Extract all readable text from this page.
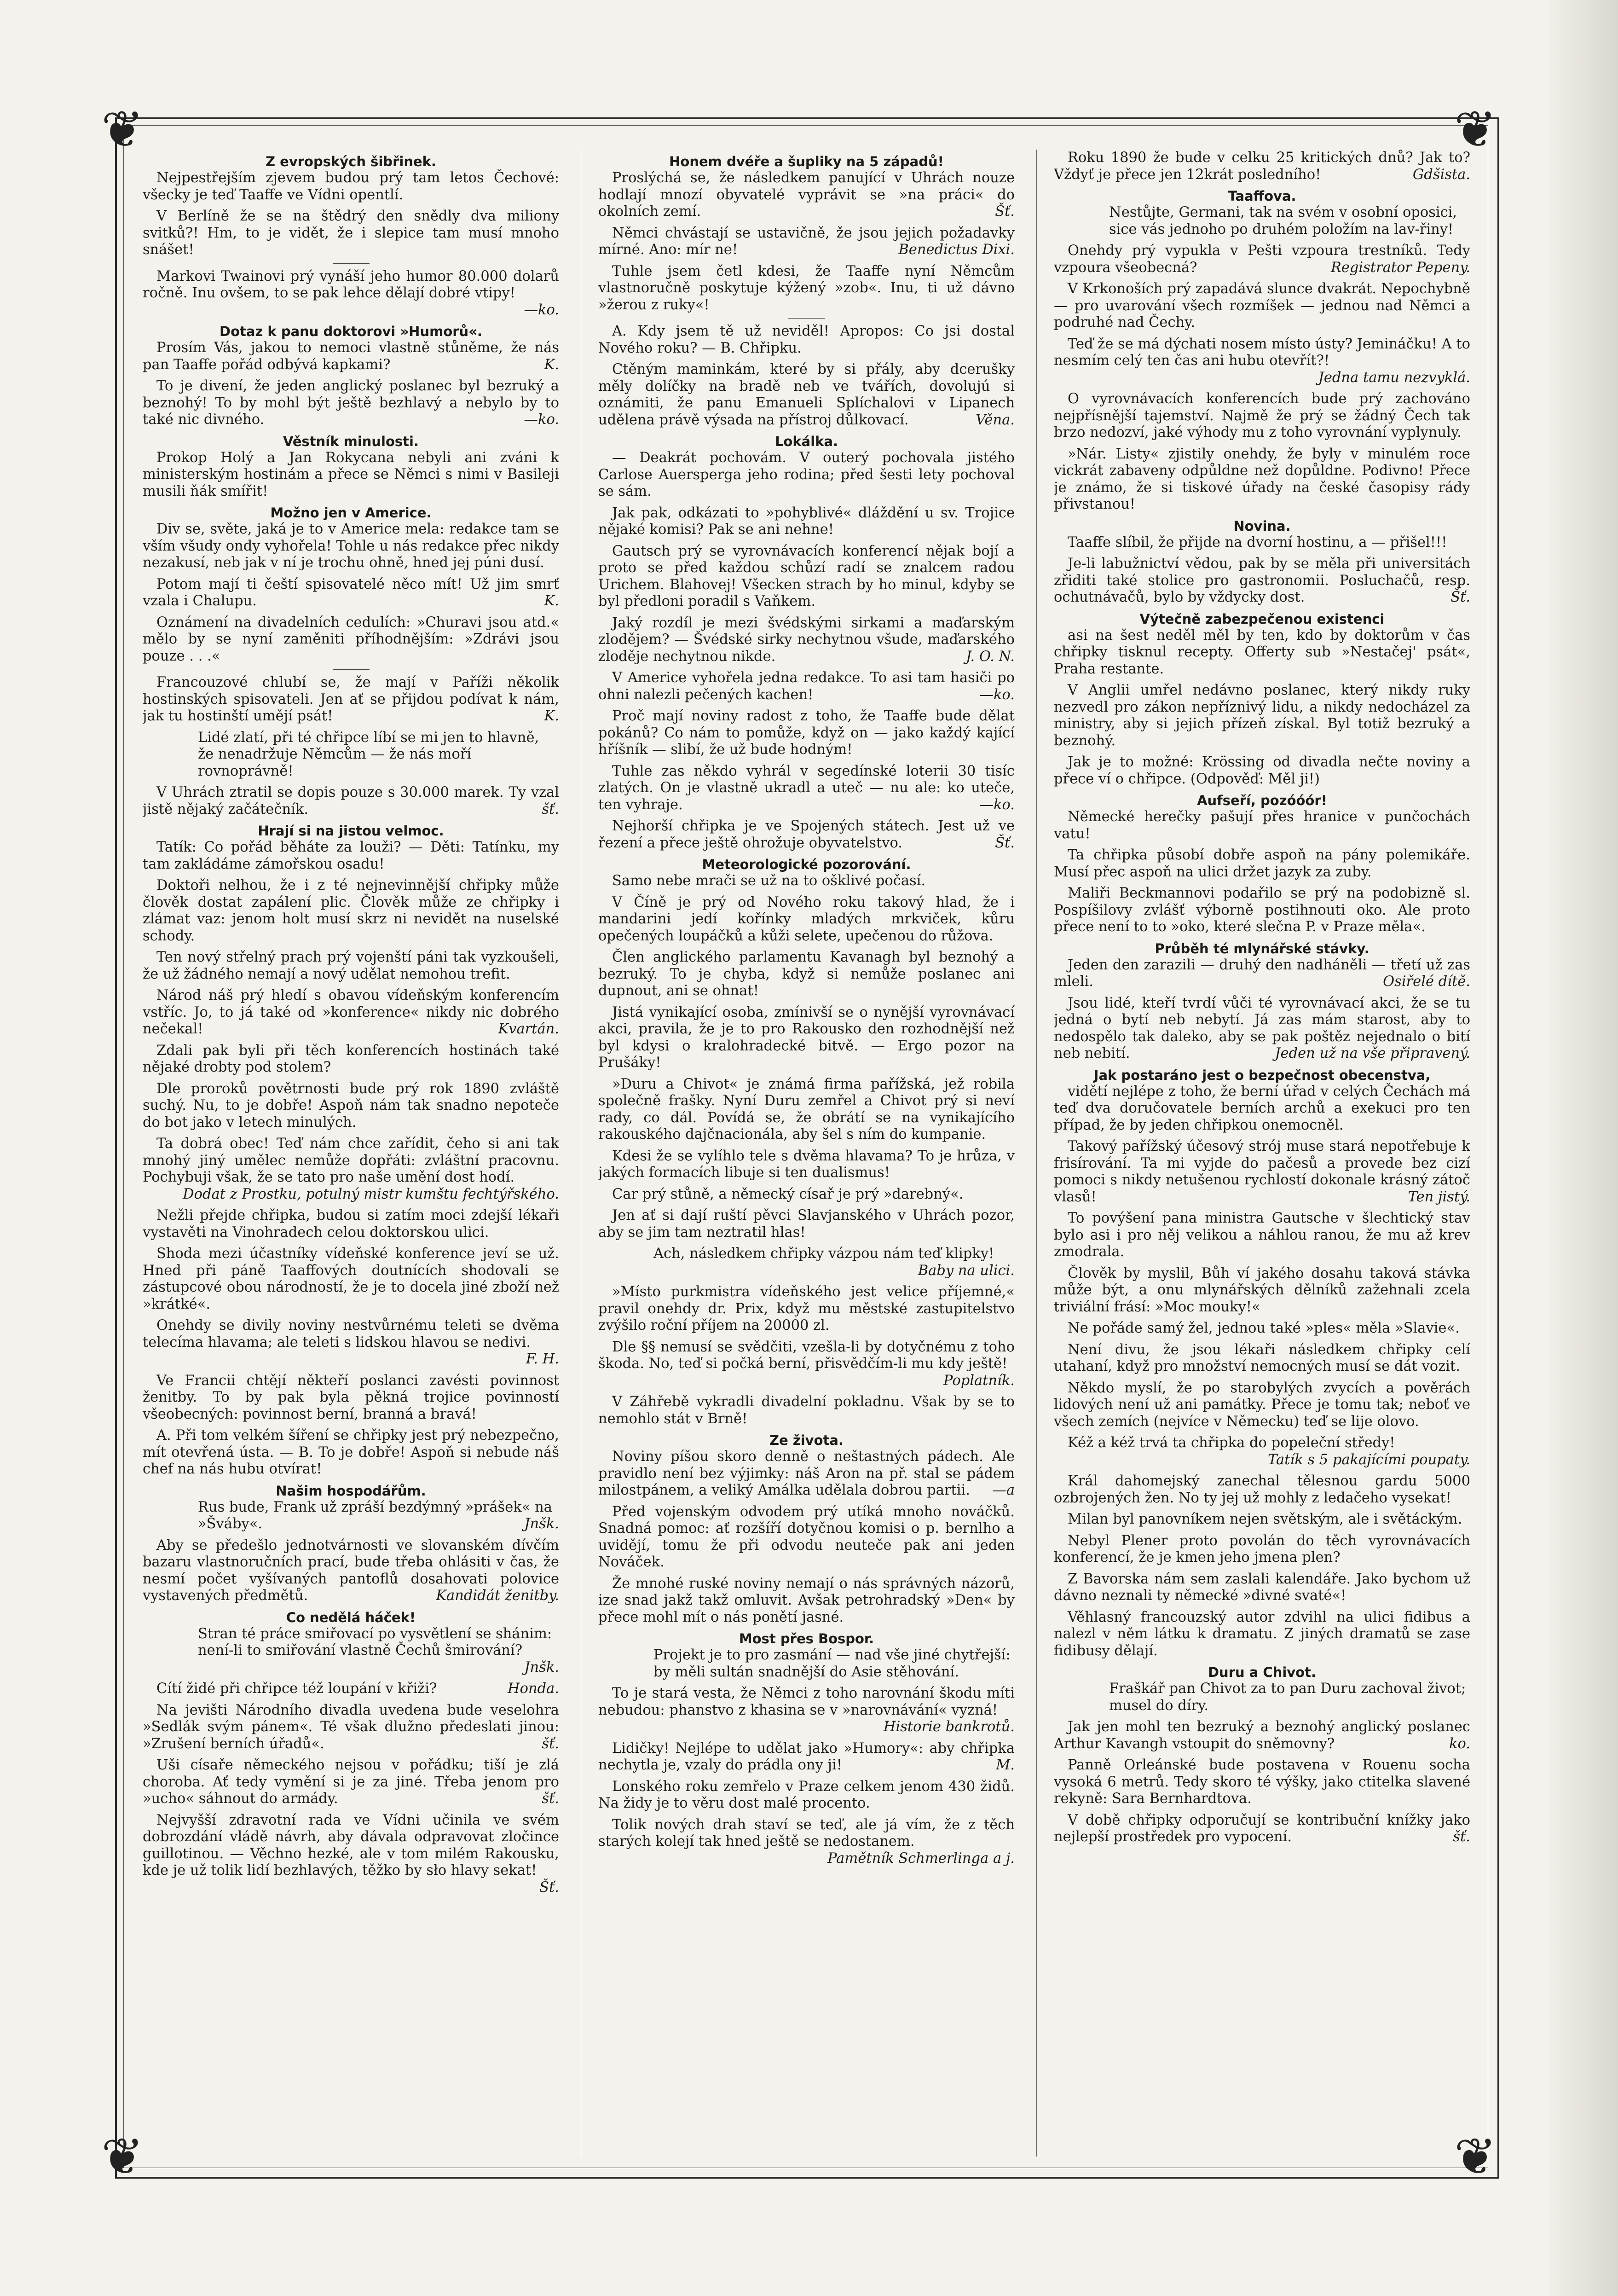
❦	❦
❦	❦
Z evropských šibřinek.

Nejpestřejším zjevem budou prý tam letos Čechové: všecky je teď Taaffe ve Vídni opentlí.

V Berlíně že se na štědrý den snědly dva miliony svitků?! Hm, to je vidět, že i slepice tam musí mnoho snášet!

Markovi Twainovi prý vynáší jeho humor 80.000 dolarů ročně. Inu ovšem, to se pak lehce dělají dobré vtipy!
—ko.

Dotaz k panu doktorovi »Humorů«.

Prosím Vás, jakou to nemoci vlastně stůněme, že nás pan Taaffe pořád odbývá kapkami?	K.

To je divení, že jeden anglický poslanec byl bezruký a beznohý! To by mohl být ještě bezhlavý a nebylo by to také nic divného.	—ko.

Věstník minulosti.

Prokop Holý a Jan Rokycana nebyli ani zváni k ministerským hostinám a přece se Němci s nimi v Basileji musili ňák smířit!

Možno jen v Americe.

Div se, světe, jaká je to v Americe mela: redakce tam se vším všudy ondy vyhořela! Tohle u nás redakce přec nikdy nezakusí, neb jak v ní je trochu ohně, hned jej púni dusí.

Potom mají ti čeští spisovatelé něco mít! Už jim smrť vzala i Chalupu.	K.

Oznámení na divadelních cedulích: »Churavi jsou atd.« mělo by se nyní zaměniti příhodnějším: »Zdrávi jsou pouze . . .«

Francouzové chlubí se, že mají v Paříži několik hostinských spisovateli. Jen ať se přijdou podívat k nám, jak tu hostinští umějí psát!	K.

Lidé zlatí, při té chřipce líbí se mi jen to hlavně, že nenadržuje Němcům — že nás moří rovnoprávně!

V Uhrách ztratil se dopis pouze s 30.000 marek. Ty vzal jistě nějaký začátečník.	šť.

Hrají si na jistou velmoc.

Tatík: Co pořád běháte za louži? — Děti: Tatínku, my tam zakládáme zámořskou osadu!

Doktoři nelhou, že i z té nejnevinnější chřipky může člověk dostat zapálení plic. Člověk může ze chřipky i zlámat vaz: jenom holt musí skrz ni nevidět na nuselské schody.

Ten nový střelný prach prý vojenští páni tak vyzkoušeli, že už žádného nemají a nový udělat nemohou trefit.

Národ náš prý hledí s obavou vídeňským konferencím vstříc. Jo, to já také od »konference« nikdy nic dobrého nečekal!	Kvartán.

Zdali pak byli při těch konferencích hostinách také nějaké drobty pod stolem?

Dle proroků povětrnosti bude prý rok 1890 zvláště suchý. Nu, to je dobře! Aspoň nám tak snadno nepoteče do bot jako v letech minulých.

Ta dobrá obec! Teď nám chce zařídit, čeho si ani tak mnohý jiný umělec nemůže dopřáti: zvláštní pracovnu. Pochybuji však, že se tato pro naše umění dost hodí.
Dodat z Prostku, potulný mistr kumštu fechtýřského.

Nežli přejde chřipka, budou si zatím moci zdejší lékaři vystavěti na Vinohradech celou doktorskou ulici.

Shoda mezi účastníky vídeňské konference jeví se už. Hned při páně Taaffových doutnících shodovali se zástupcové obou národností, že je to docela jiné zboží než »krátké«.

Onehdy se divily noviny nestvůrnému teleti se dvěma telecíma hlavama; ale teleti s lidskou hlavou se nedivi.
F. H.

Ve Francii chtějí někteří poslanci zavésti povinnost ženitby. To by pak byla pěkná trojice povinností všeobecných: povinnost berní, branná a bravá!

A. Při tom velkém šíření se chřipky jest prý nebezpečno, mít otevřená ústa. — B. To je dobře! Aspoň si nebude náš chef na nás hubu otvírat!

Našim hospodářům.

Rus bude, Frank už zpráší bezdýmný »prášek« na »Šváby«.	Jnšk.

Aby se předešlo jednotvárnosti ve slovanském dívčím bazaru vlastnoručních prací, bude třeba ohlásiti v čas, že nesmí počet vyšívaných pantoflů dosahovati polovice vystavených předmětů.	Kandidát ženitby.

Co nedělá háček!

Stran té práce smiřovací po vysvětlení se shánim: není-li to smiřování vlastně Čechů šmirování?
Jnšk.

Cítí židé při chřipce též loupání v křiži?	Honda.

Na jevišti Národního divadla uvedena bude veselohra »Sedlák svým pánem«. Té však dlužno předeslati jinou: »Zrušení berních úřadů«.	šť.

Uši císaře německého nejsou v pořádku; tiší je zlá choroba. Ať tedy vymění si je za jiné. Třeba jenom pro »ucho« sáhnout do armády.	šť.

Nejvyšší zdravotní rada ve Vídni učinila ve svém dobrozdání vládě návrh, aby dávala odpravovat zločince guillotinou. — Věchno hezké, ale v tom milém Rakousku, kde je už tolik lidí bezhlavých, těžko by sło hlavy sekat!
Šť.

Honem dvéře a šupliky na 5 západů!

Proslýchá se, že následkem panující v Uhrách nouze hodlají mnozí obyvatelé vyprávit se »na práci« do okolních zemí.	Šť.

Němci chvástají se ustavičně, že jsou jejich požadavky mírné. Ano: mír ne!	Benedictus Dixi.

Tuhle jsem četl kdesi, že Taaffe nyní Němcům vlastnoručně poskytuje kýžený »zob«. Inu, ti už dávno »žerou z ruky«!

A. Kdy jsem tě už neviděl! Apropos: Co jsi dostal Nového roku? — B. Chřipku.

Ctěným maminkám, které by si přály, aby dcerušky měly dolíčky na bradě neb ve tvářích, dovolujú si oznámiti, že panu Emanueli Splíchalovi v Lipanech udělena právě výsada na přístroj důlkovací.	Věna.

Lokálka.

— Deakrát pochovám. V outerý pochovala jistého Carlose Auersperga jeho rodina; před šesti lety pochoval se sám.

Jak pak, odkázati to »pohyblivé« dláždění u sv. Trojice nějaké komisi? Pak se ani nehne!

Gautsch prý se vyrovnávacích konferencí nějak bojí a proto se před každou schůzí radí se znalcem radou Urichem. Blahovej! Všecken strach by ho minul, kdyby se byl předloni poradil s Vaňkem.

Jaký rozdíl je mezi švédskými sirkami a maďarským zlodějem? — Švédské sirky nechytnou všude, maďarského zloděje nechytnou nikde.	J. O. N.

V Americe vyhořela jedna redakce. To asi tam hasiči po ohni nalezli pečených kachen!	—ko.

Proč mají noviny radost z toho, že Taaffe bude dělat pokánů? Co nám to pomůže, když on — jako každý kající hříšník — slibí, že už bude hodným!

Tuhle zas někdo vyhrál v segedínské loterii 30 tisíc zlatých. On je vlastně ukradl a uteč — nu ale: ko uteče, ten vyhraje.	—ko.

Nejhorší chřipka je ve Spojených státech. Jest už ve řezení a přece ještě ohrožuje obyvatelstvo.	Šť.

Meteorologické pozorování.

Samo nebe mrači se už na to ošklivé počasí.

V Číně je prý od Nového roku takový hlad, že i mandarini jedí kořínky mladých mrkviček, kůru opečených loupáčků a kůži selete, upečenou do růžova.

Člen anglického parlamentu Kavanagh byl beznohý a bezruký. To je chyba, když si nemůže poslanec ani dupnout, ani se ohnat!

Jistá vynikající osoba, zmínivší se o nynější vyrovnávací akci, pravila, že je to pro Rakousko den rozhodnější než byl kdysi o kralohradecké bitvě. — Ergo pozor na Prušáky!

»Duru a Chivot« je známá firma pařížská, jež robila společně frašky. Nyní Duru zemřel a Chivot prý si neví rady, co dál. Povídá se, že obrátí se na vynikajícího rakouského dajčnacionála, aby šel s ním do kumpanie.

Kdesi že se vylíhlo tele s dvěma hlavama? To je hrůza, v jakých formacích libuje si ten dualismus!

Car prý stůně, a německý císař je prý »darebný«.

Jen ať si dají ruští pěvci Slavjanského v Uhrách pozor, aby se jim tam neztratil hlas!

Ach, následkem chřipky vázpou nám teď klipky!
Baby na ulici.

»Místo purkmistra vídeňského jest velice příjemné,« pravil onehdy dr. Prix, když mu městské zastupitelstvo zvýšilo roční příjem na 20000 zl.

Dle §§ nemusí se svědčiti, vzešla-li by dotyčnému z toho škoda. No, teď si počká berní, přisvědčím-li mu kdy ještě!
Poplatník.

V Záhřebě vykradli divadelní pokladnu. Však by se to nemohlo stát v Brně!

Ze života.

Noviny píšou skoro denně o neštastných pádech. Ale pravidlo není bez výjimky: náš Aron na př. stal se pádem milostpánem, a veliký Amálka udělala dobrou partii.	—a

Před vojenským odvodem prý utíká mnoho nováčků. Snadná pomoc: ať rozšíří dotyčnou komisi o p. bernlho a uvidějí, tomu že při odvodu neuteče pak ani jeden Nováček.

Že mnohé ruské noviny nemají o nás správných názorů, ize snad jakž takž omluvit. Avšak petrohradský »Den« by přece mohl mít o nás ponětí jasné.

Most přes Bospor.

Projekt je to pro zasmání — nad vše jiné chytřejší: by měli sultán snadnější do Asie stěhování.

To je stará vesta, že Němci z toho narovnání škodu míti nebudou: phanstvo z khasina se v »narovnávání« vyzná!
Historie bankrotů.

Lidičky! Nejlépe to udělat jako »Humory«: aby chřipka nechytla je, vzaly do prádla ony ji!	M.

Lonského roku zemřelo v Praze celkem jenom 430 židů. Na židy je to věru dost malé procento.

Tolik nových drah staví se teď, ale já vím, že z těch starých kolejí tak hned ještě se nedostanem.
Pamětník Schmerlinga a j.

Roku 1890 že bude v celku 25 kritických dnů? Jak to? Vždyť je přece jen 12krát posledního!	Gdšista.

Taaffova.

Nestůjte, Germani, tak na svém v osobní oposici, sice vás jednoho po druhém položím na lav-řiny!

Onehdy prý vypukla v Pešti vzpoura trestníků. Tedy vzpoura všeobecná?	Registrator Pepeny.

V Krkonoších prý zapadává slunce dvakrát. Nepochybně — pro uvarování všech rozmíšek — jednou nad Němci a podruhé nad Čechy.

Teď že se má dýchati nosem místo ústy? Jemináčku! A to nesmím celý ten čas ani hubu otevřít?!
Jedna tamu nezvyklá.

O vyrovnávacích konferencích bude prý zachováno nejpřísnější tajemství. Najmě že prý se žádný Čech tak brzo nedozví, jaké výhody mu z toho vyrovnání vyplynuly.

»Nár. Listy« zjistily onehdy, že byly v minulém roce vickrát zabaveny odpůldne než dopůldne. Podivno! Přece je známo, že si tiskové úřady na české časopisy rády přivstanou!

Novina.

Taaffe slíbil, že přijde na dvorní hostinu, a — přišel!!!

Je-li labužnictví vědou, pak by se měla při universitách zřiditi také stolice pro gastronomii. Posluchačů, resp. ochutnávačů, bylo by vždycky dost.	Šť.

Výtečně zabezpečenou existenci

asi na šest neděl měl by ten, kdo by doktorům v čas chřipky tisknul recepty. Offerty sub »Nestačej' psát«, Praha restante.

V Anglii umřel nedávno poslanec, který nikdy ruky nezvedl pro zákon nepříznivý lidu, a nikdy nedocházel za ministry, aby si jejich přízeň získal. Byl totiž bezruký a beznohý.

Jak je to možné: Krössing od divadla nečte noviny a přece ví o chřipce. (Odpověď: Měl ji!)

Aufseří, pozóóór!

Německé herečky pašují přes hranice v punčochách vatu!

Ta chřipka působí dobře aspoň na pány polemikáře. Musí přec aspoň na ulici držet jazyk za zuby.

Maliři Beckmannovi podařilo se prý na podobizně sl. Pospíšilovy zvlášť výborně postihnouti oko. Ale proto přece není to to »oko, které slečna P. v Praze měla«.

Průběh té mlynářské stávky.

Jeden den zarazili — druhý den nadháněli — třetí už zas mleli.	Osiřelé dítě.

Jsou lidé, kteří tvrdí vůči té vyrovnávací akci, že se tu jedná o bytí neb nebytí. Já zas mám starost, aby to nedospělo tak daleko, aby se pak poštěz nejednalo o bití neb nebití.	Jeden už na vše připravený.

Jak postaráno jest o bezpečnost obecenstva,

vidětí nejlépe z toho, že berní úřad v celých Čechách má teď dva doručovatele berních archů a exekuci pro ten případ, že by jeden chřipkou onemocněl.

Takový pařížský účesový strój muse stará nepotřebuje k frisírování. Ta mi vyjde do pačesů a provede bez cizí pomoci s nikdy netušenou rychlostí dokonale krásný zátoč vlasů!	Ten jistý.

To povýšení pana ministra Gautsche v šlechtický stav bylo asi i pro něj velikou a náhlou ranou, že mu až krev zmodrala.

Člověk by myslil, Bůh ví jakého dosahu taková stávka může být, a onu mlynářských dělníků zažehnali zcela triviální frásí: »Moc mouky!«

Ne pořáde samý žel, jednou také »ples« měla »Slavie«.

Není divu, že jsou lékaři následkem chřipky celí utahaní, když pro množství nemocných musí se dát vozit.

Někdo myslí, že po starobylých zvycích a pověrách lidových není už ani památky. Přece je tomu tak; neboť ve všech zemích (nejvíce v Německu) teď se lije olovo.

Kéž a kéž trvá ta chřipka do popeleční středy!
Tatík s 5 pakajícími poupaty.

Král dahomejský zanechal tělesnou gardu 5000 ozbrojených žen. No ty jej už mohly z ledačeho vysekat!

Milan byl panovníkem nejen světským, ale i světáckým.

Nebyl Plener proto povolán do těch vyrovnávacích konferencí, že je kmen jeho jmena plen?

Z Bavorska nám sem zaslali kalendáře. Jako bychom už dávno neznali ty německé »divné svaté«!

Věhlasný francouzský autor zdvihl na ulici fidibus a nalezl v něm látku k dramatu. Z jiných dramatů se zase fidibusy dělají.

Duru a Chivot.

Fraškář pan Chivot za to pan Duru zachoval život; musel do díry.

Jak jen mohl ten bezruký a beznohý anglický poslanec Arthur Kavangh vstoupit do sněmovny?	ko.

Panně Orleánské bude postavena v Rouenu socha vysoká 6 metrů. Tedy skoro té výšky, jako ctitelka slavené rekyně: Sara Bernhardtova.

V době chřipky odporučují se kontribuční knížky jako nejlepší prostředek pro vypocení.	šť.
